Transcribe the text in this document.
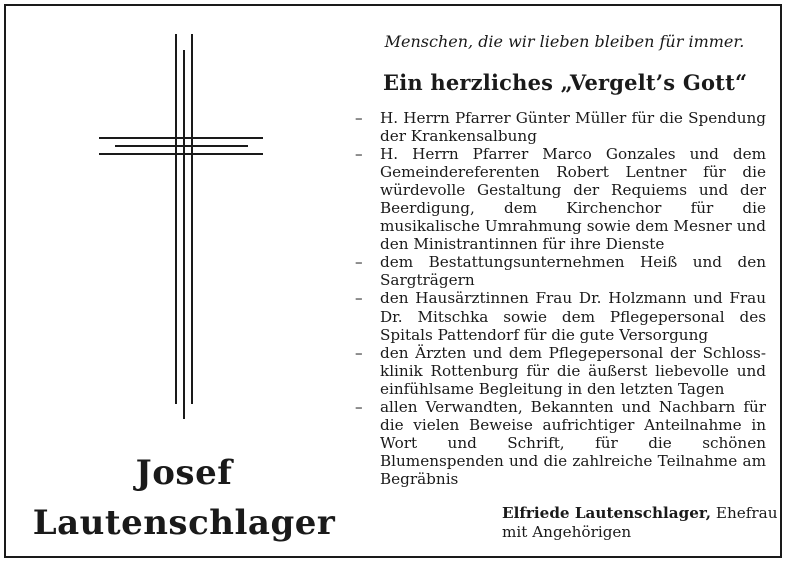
Josef
Lautenschlager
Menschen, die wir lieben bleiben für immer.
Ein herzliches „Vergelt’s Gott“
– H. Herrn Pfarrer Günter Müller für die Spendung der Krankensalbung
– H. Herrn Pfarrer Marco Gonzales und dem Gemeindereferenten Robert Lentner für die würdevolle Gestaltung der Requiems und der Beerdigung, dem Kirchenchor für die musikalische Umrahmung sowie dem Mesner und den Ministrantinnen für ihre Dienste
– dem Bestattungsunternehmen Heiß und den Sargträgern
– den Hausärztinnen Frau Dr. Holzmann und Frau Dr. Mitschka sowie dem Pflegepersonal des Spitals Pattendorf für die gute Versorgung
– den Ärzten und dem Pflegepersonal der Schlossklinik Rottenburg für die äußerst liebevolle und einfühlsame Begleitung in den letzten Tagen
– allen Verwandten, Bekannten und Nachbarn für die vielen Beweise aufrichtiger Anteilnahme in Wort und Schrift, für die schönen Blumenspenden und die zahlreiche Teilnahme am Begräbnis
Elfriede Lautenschlager, Ehefrau
mit Angehörigen
